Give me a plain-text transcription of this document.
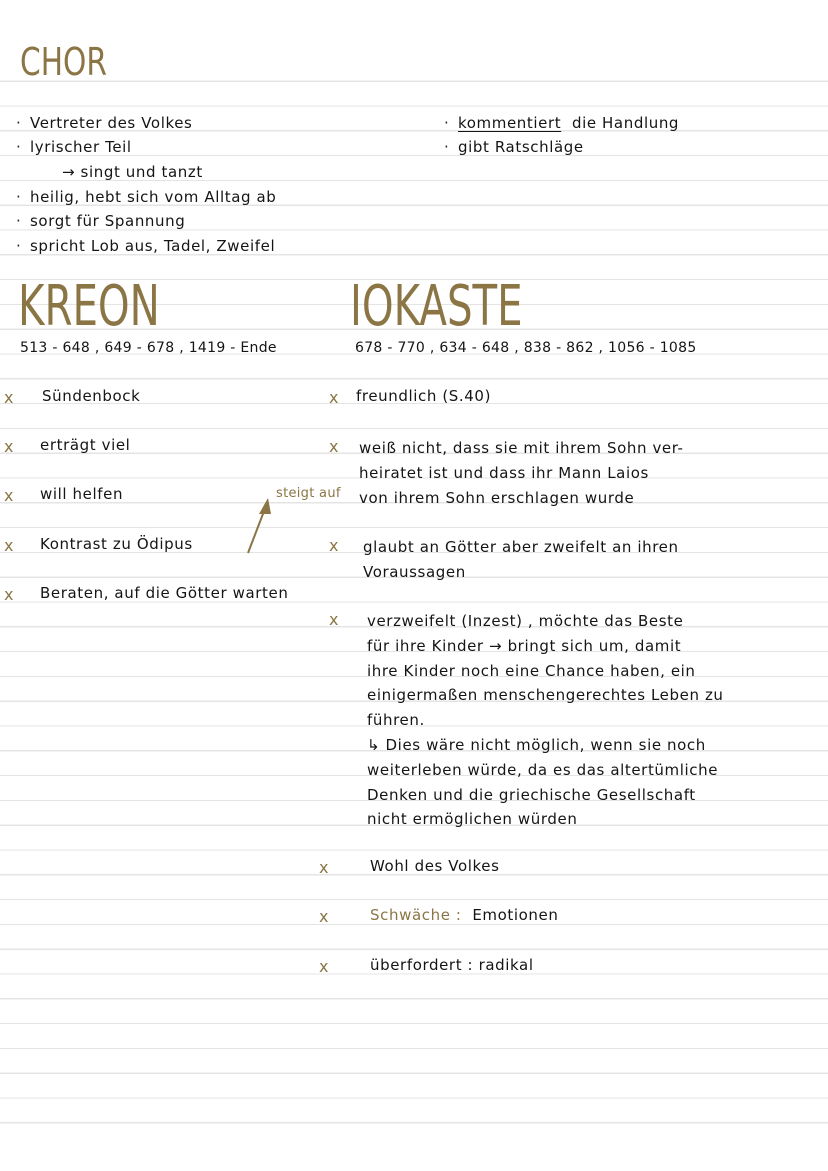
CHOR
· Vertreter des Volkes
· lyrischer Teil
→ singt und tanzt
· heilig, hebt sich vom Alltag ab
· sorgt für Spannung
· spricht Lob aus, Tadel, Zweifel
· kommentiert die Handlung
· gibt Ratschläge
KREON
513 - 648 , 649 - 678 , 1419 - Ende
IOKASTE
678 - 770 , 634 - 648 , 838 - 862 , 1056 - 1085
x Sündenbock
x erträgt viel
x will helfen
x Kontrast zu Ödipus
x Beraten, auf die Götter warten
steigt auf
x freundlich (S.40)
x weiß nicht, dass sie mit ihrem Sohn ver-
heiratet ist und dass ihr Mann Laios
von ihrem Sohn erschlagen wurde
x glaubt an Götter aber zweifelt an ihren
Voraussagen
x verzweifelt (Inzest) , möchte das Beste
für ihre Kinder → bringt sich um, damit
ihre Kinder noch eine Chance haben, ein
einigermaßen menschengerechtes Leben zu
führen.
↳ Dies wäre nicht möglich, wenn sie noch
weiterleben würde, da es das altertümliche
Denken und die griechische Gesellschaft
nicht ermöglichen würden
x	Wohl des Volkes
x	Schwäche : Emotionen
x	überfordert : radikal
